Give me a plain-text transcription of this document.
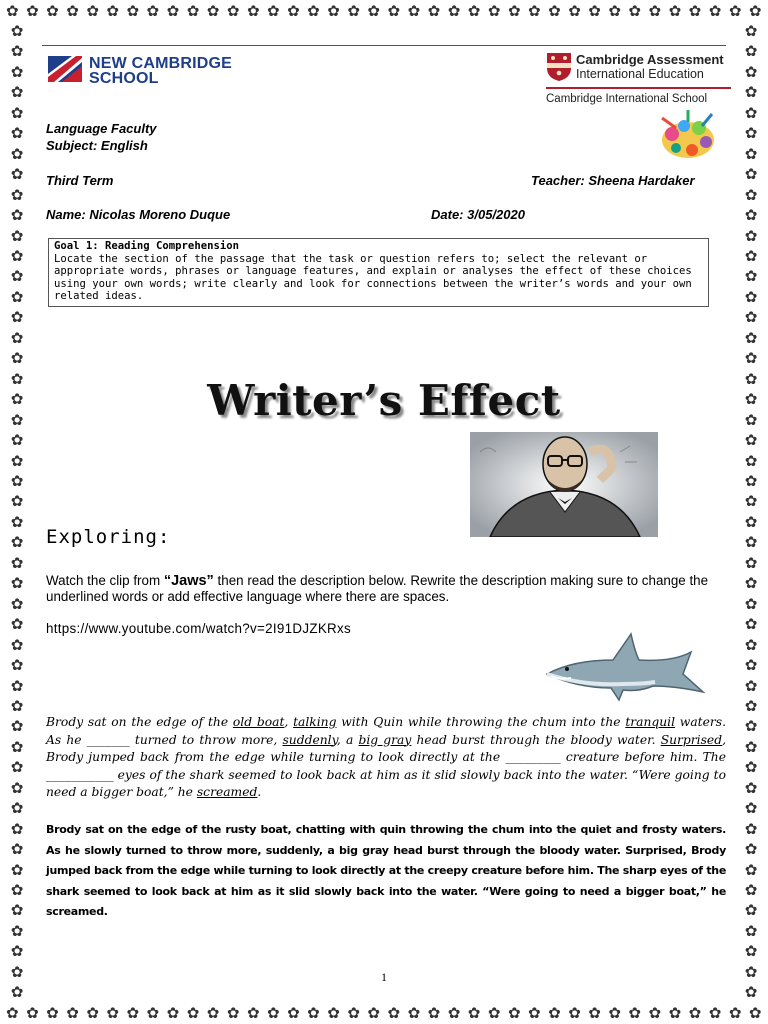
✿ ✿ ✿ ✿ ✿ ✿ ✿ ✿ ✿ ✿ ✿ ✿ ✿ ✿ ✿ ✿ ✿ ✿ ✿ ✿ ✿ ✿ ✿ ✿ ✿ ✿ ✿ ✿ ✿ ✿ ✿ ✿ ✿ ✿ ✿ ✿ ✿ ✿
✿ ✿ ✿ ✿ ✿ ✿ ✿ ✿ ✿ ✿ ✿ ✿ ✿ ✿ ✿ ✿ ✿ ✿ ✿ ✿ ✿ ✿ ✿ ✿ ✿ ✿ ✿ ✿ ✿ ✿ ✿ ✿ ✿ ✿ ✿ ✿ ✿ ✿
✿
✿
✿
✿
✿
✿
✿
✿
✿
✿
✿
✿
✿
✿
✿
✿
✿
✿
✿
✿
✿
✿
✿
✿
✿
✿
✿
✿
✿
✿
✿
✿
✿
✿
✿
✿
✿
✿
✿
✿
✿
✿
✿
✿
✿
✿
✿
✿
✿
✿
✿
✿
✿
✿
✿
✿
✿
✿
✿
✿
✿
✿
✿
✿
✿
✿
✿
✿
✿
✿
✿
✿
✿
✿
✿
✿
✿
✿
✿
✿
✿
✿
✿
✿
✿
✿
✿
✿
✿
✿
✿
✿
✿
✿
✿
✿
NEW CAMBRIDGE
SCHOOL
Cambridge Assessment
International Education
Cambridge International School
Language Faculty
Subject: English
Third Term	Teacher: Sheena Hardaker
Name: Nicolas Moreno Duque	Date: 3/05/2020
Goal 1: Reading Comprehension
Locate the section of the passage that the task or question refers to; select the relevant or appropriate words, phrases or language features, and explain or analyses the effect of these choices using your own words; write clearly and look for connections between the writer’s words and your own related ideas.
Writer’s Effect
Exploring:
Watch the clip from “Jaws” then read the description below. Rewrite the description making sure to change the underlined words or add effective language where there are spaces.
https://www.youtube.com/watch?v=2I91DJZKRxs
Brody sat on the edge of the old boat, talking with Quin while throwing the chum into the tranquil waters. As he _______ turned to throw more, suddenly, a big gray head burst through the bloody water. Surprised, Brody jumped back from the edge while turning to look directly at the _________ creature before him. The ___________ eyes of the shark seemed to look back at him as it slid slowly back into the water. “Were going to need a bigger boat,” he screamed.
Brody sat on the edge of the rusty boat, chatting with quin throwing the chum into the quiet and frosty waters. As he slowly turned to throw more, suddenly, a big gray head burst through the bloody water. Surprised, Brody jumped back from the edge while turning to look directly at the creepy creature before him. The sharp eyes of the shark seemed to look back at him as it slid slowly back into the water. “Were going to need a bigger boat,” he screamed.
1
